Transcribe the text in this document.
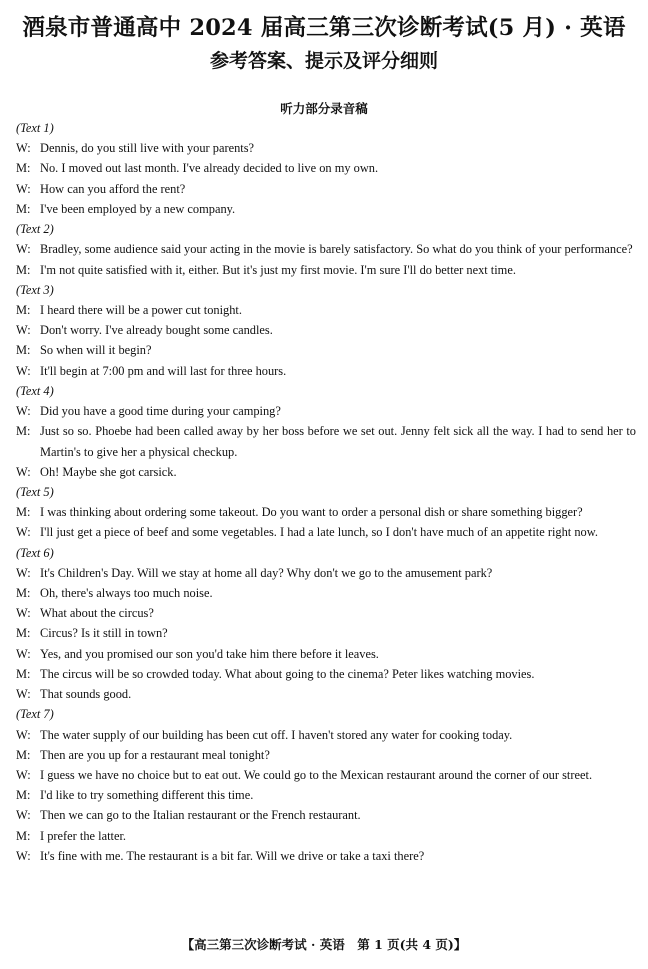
酒泉市普通高中 2024 届高三第三次诊断考试(5 月) · 英语
参考答案、提示及评分细则
听力部分录音稿
(Text 1)
W: Dennis, do you still live with your parents?
M: No. I moved out last month. I've already decided to live on my own.
W: How can you afford the rent?
M: I've been employed by a new company.
(Text 2)
W: Bradley, some audience said your acting in the movie is barely satisfactory. So what do you think of your performance?
M: I'm not quite satisfied with it, either. But it's just my first movie. I'm sure I'll do better next time.
(Text 3)
M: I heard there will be a power cut tonight.
W: Don't worry. I've already bought some candles.
M: So when will it begin?
W: It'll begin at 7:00 pm and will last for three hours.
(Text 4)
W: Did you have a good time during your camping?
M: Just so so. Phoebe had been called away by her boss before we set out. Jenny felt sick all the way. I had to send her to Martin's to give her a physical checkup.
W: Oh! Maybe she got carsick.
(Text 5)
M: I was thinking about ordering some takeout. Do you want to order a personal dish or share something bigger?
W: I'll just get a piece of beef and some vegetables. I had a late lunch, so I don't have much of an appetite right now.
(Text 6)
W: It's Children's Day. Will we stay at home all day? Why don't we go to the amusement park?
M: Oh, there's always too much noise.
W: What about the circus?
M: Circus? Is it still in town?
W: Yes, and you promised our son you'd take him there before it leaves.
M: The circus will be so crowded today. What about going to the cinema? Peter likes watching movies.
W: That sounds good.
(Text 7)
W: The water supply of our building has been cut off. I haven't stored any water for cooking today.
M: Then are you up for a restaurant meal tonight?
W: I guess we have no choice but to eat out. We could go to the Mexican restaurant around the corner of our street.
M: I'd like to try something different this time.
W: Then we can go to the Italian restaurant or the French restaurant.
M: I prefer the latter.
W: It's fine with me. The restaurant is a bit far. Will we drive or take a taxi there?
【高三第三次诊断考试 · 英语　第 1 页(共 4 页)】
